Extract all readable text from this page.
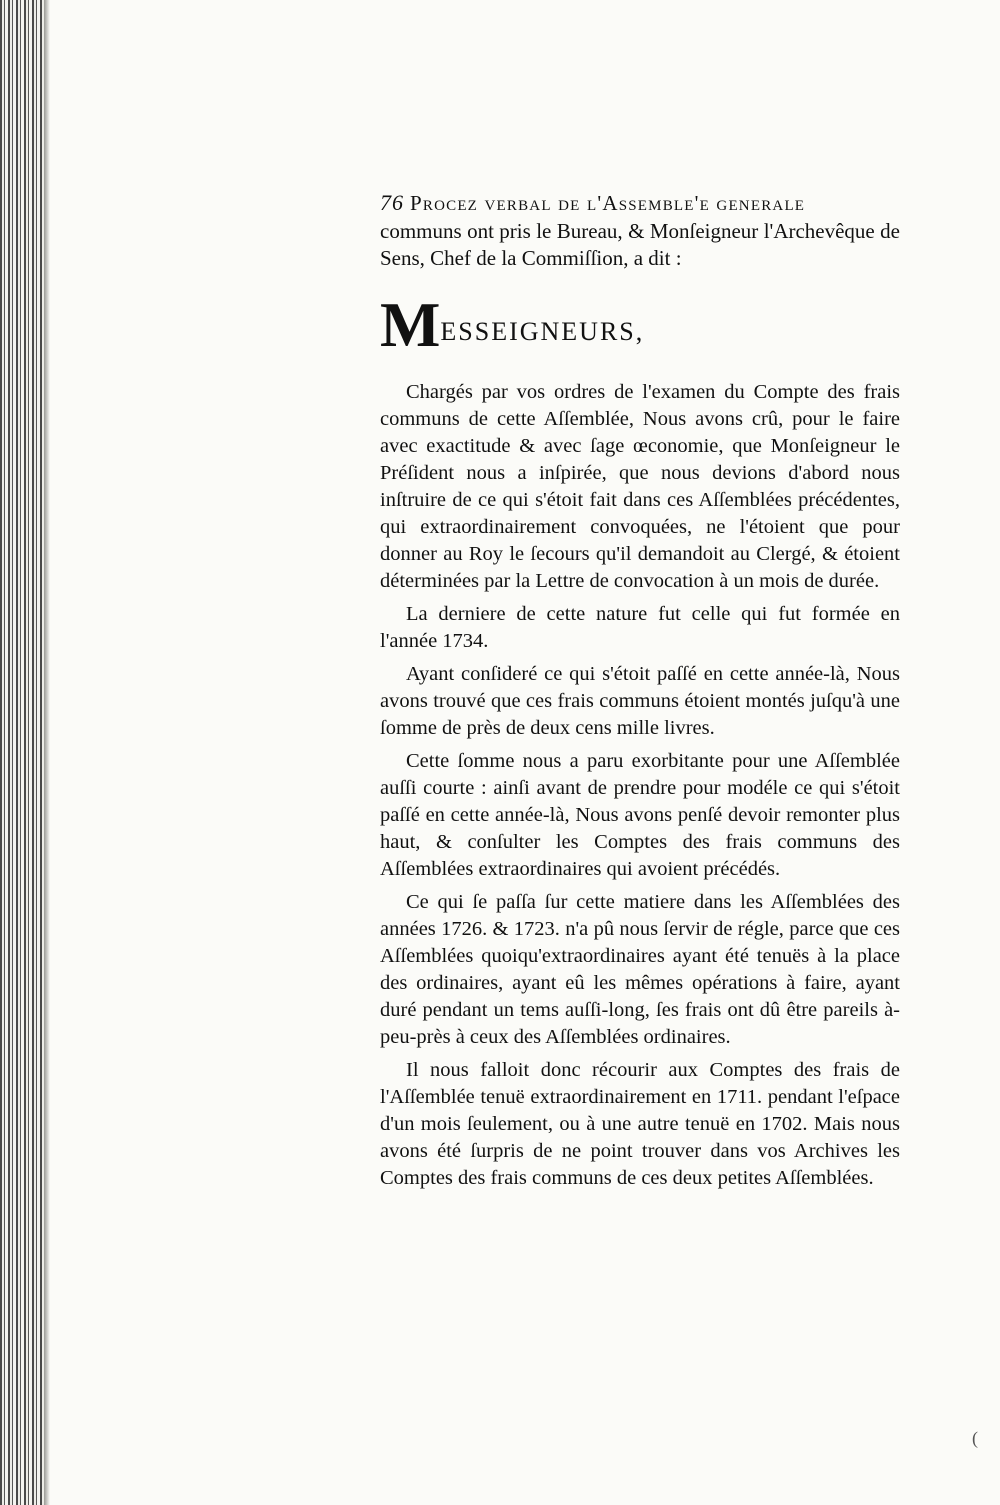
76 Procez verbal de l'Assemble'e generale

communs ont pris le Bureau, & Monſeigneur l'Archevêque de Sens, Chef de la Commiſſion, a dit :

MESSEIGNEURS,

Chargés par vos ordres de l'examen du Compte des frais communs de cette Aſſemblée, Nous avons crû, pour le faire avec exactitude & avec ſage œconomie, que Monſeigneur le Préſident nous a inſpirée, que nous devions d'abord nous inſtruire de ce qui s'étoit fait dans ces Aſſemblées précédentes, qui extraordinairement convoquées, ne l'étoient que pour donner au Roy le ſecours qu'il demandoit au Clergé, & étoient déterminées par la Lettre de convocation à un mois de durée.

La derniere de cette nature fut celle qui fut formée en l'année 1734.

Ayant conſideré ce qui s'étoit paſſé en cette année-là, Nous avons trouvé que ces frais communs étoient montés juſqu'à une ſomme de près de deux cens mille livres.

Cette ſomme nous a paru exorbitante pour une Aſſemblée auſſi courte : ainſi avant de prendre pour modéle ce qui s'étoit paſſé en cette année-là, Nous avons penſé devoir remonter plus haut, & conſulter les Comptes des frais communs des Aſſemblées extraordinaires qui avoient précédés.

Ce qui ſe paſſa ſur cette matiere dans les Aſſemblées des années 1726. & 1723. n'a pû nous ſervir de régle, parce que ces Aſſemblées quoiqu'extraordinaires ayant été tenuës à la place des ordinaires, ayant eû les mêmes opérations à faire, ayant duré pendant un tems auſſi-long, ſes frais ont dû être pareils à-peu-près à ceux des Aſſemblées ordinaires.

Il nous falloit donc récourir aux Comptes des frais de l'Aſſemblée tenuë extraordinairement en 1711. pendant l'eſpace d'un mois ſeulement, ou à une autre tenuë en 1702. Mais nous avons été ſurpris de ne point trouver dans vos Archives les Comptes des frais communs de ces deux petites Aſſemblées.

(
